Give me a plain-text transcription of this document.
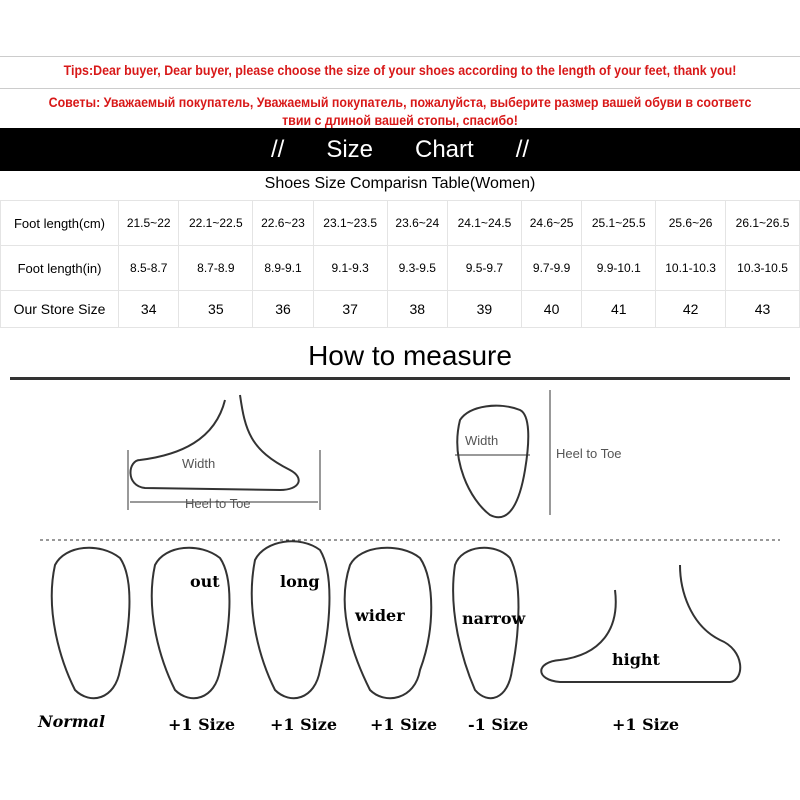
Tips:Dear buyer, Dear buyer, please choose the size of your shoes according to the length of your feet, thank you!
Советы: Уважаемый покупатель, Уважаемый покупатель, пожалуйста, выберите размер вашей обуви в соответс
твии с длиной вашей стопы, спасибо!
// Size Chart //
Shoes Size Comparisn Table(Women)
Foot length(cm)	21.5~22	22.1~22.5	22.6~23	23.1~23.5	23.6~24	24.1~24.5	24.6~25	25.1~25.5	25.6~26	26.1~26.5
Foot length(in)	8.5-8.7	8.7-8.9	8.9-9.1	9.1-9.3	9.3-9.5	9.5-9.7	9.7-9.9	9.9-10.1	10.1-10.3	10.3-10.5
Our Store Size	34	35	36	37	38	39	40	41	42	43
How to measure
Width
Heel to Toe
Width
Heel to Toe
Normal
out
+1 Size
long
+1 Size
wider
+1 Size
narrow
-1 Size
hight
+1 Size
